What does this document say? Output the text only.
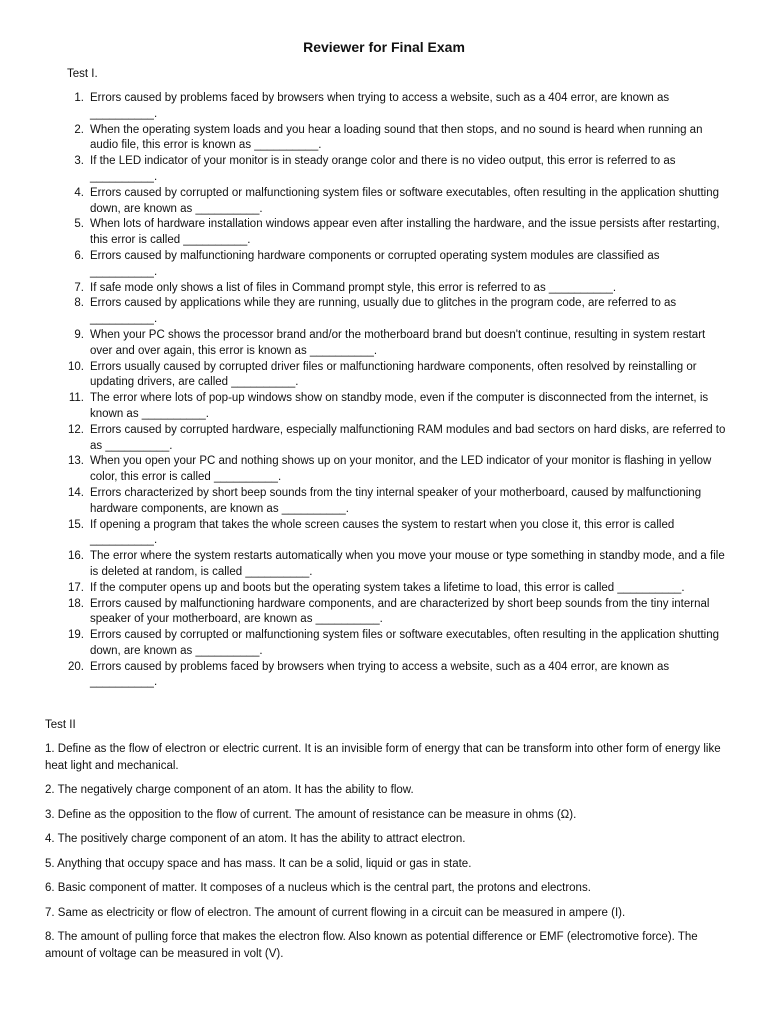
Reviewer for Final Exam
Test I.
1. Errors caused by problems faced by browsers when trying to access a website, such as a 404 error, are known as __________.
2. When the operating system loads and you hear a loading sound that then stops, and no sound is heard when running an audio file, this error is known as __________.
3. If the LED indicator of your monitor is in steady orange color and there is no video output, this error is referred to as __________.
4. Errors caused by corrupted or malfunctioning system files or software executables, often resulting in the application shutting down, are known as __________.
5. When lots of hardware installation windows appear even after installing the hardware, and the issue persists after restarting, this error is called __________.
6. Errors caused by malfunctioning hardware components or corrupted operating system modules are classified as __________.
7. If safe mode only shows a list of files in Command prompt style, this error is referred to as __________.
8. Errors caused by applications while they are running, usually due to glitches in the program code, are referred to as __________.
9. When your PC shows the processor brand and/or the motherboard brand but doesn't continue, resulting in system restart over and over again, this error is known as __________.
10. Errors usually caused by corrupted driver files or malfunctioning hardware components, often resolved by reinstalling or updating drivers, are called __________.
11. The error where lots of pop-up windows show on standby mode, even if the computer is disconnected from the internet, is known as __________.
12. Errors caused by corrupted hardware, especially malfunctioning RAM modules and bad sectors on hard disks, are referred to as __________.
13. When you open your PC and nothing shows up on your monitor, and the LED indicator of your monitor is flashing in yellow color, this error is called __________.
14. Errors characterized by short beep sounds from the tiny internal speaker of your motherboard, caused by malfunctioning hardware components, are known as __________.
15. If opening a program that takes the whole screen causes the system to restart when you close it, this error is called __________.
16. The error where the system restarts automatically when you move your mouse or type something in standby mode, and a file is deleted at random, is called __________.
17. If the computer opens up and boots but the operating system takes a lifetime to load, this error is called __________.
18. Errors caused by malfunctioning hardware components, and are characterized by short beep sounds from the tiny internal speaker of your motherboard, are known as __________.
19. Errors caused by corrupted or malfunctioning system files or software executables, often resulting in the application shutting down, are known as __________.
20. Errors caused by problems faced by browsers when trying to access a website, such as a 404 error, are known as __________.
Test II

1. Define as the flow of electron or electric current. It is an invisible form of energy that can be transform into other form of energy like heat light and mechanical.

2. The negatively charge component of an atom. It has the ability to flow.

3. Define as the opposition to the flow of current. The amount of resistance can be measure in ohms (Ω).

4. The positively charge component of an atom. It has the ability to attract electron.

5. Anything that occupy space and has mass. It can be a solid, liquid or gas in state.

6. Basic component of matter. It composes of a nucleus which is the central part, the protons and electrons.

7. Same as electricity or flow of electron. The amount of current flowing in a circuit can be measured in ampere (I).

8. The amount of pulling force that makes the electron flow. Also known as potential difference or EMF (electromotive force). The amount of voltage can be measured in volt (V).
